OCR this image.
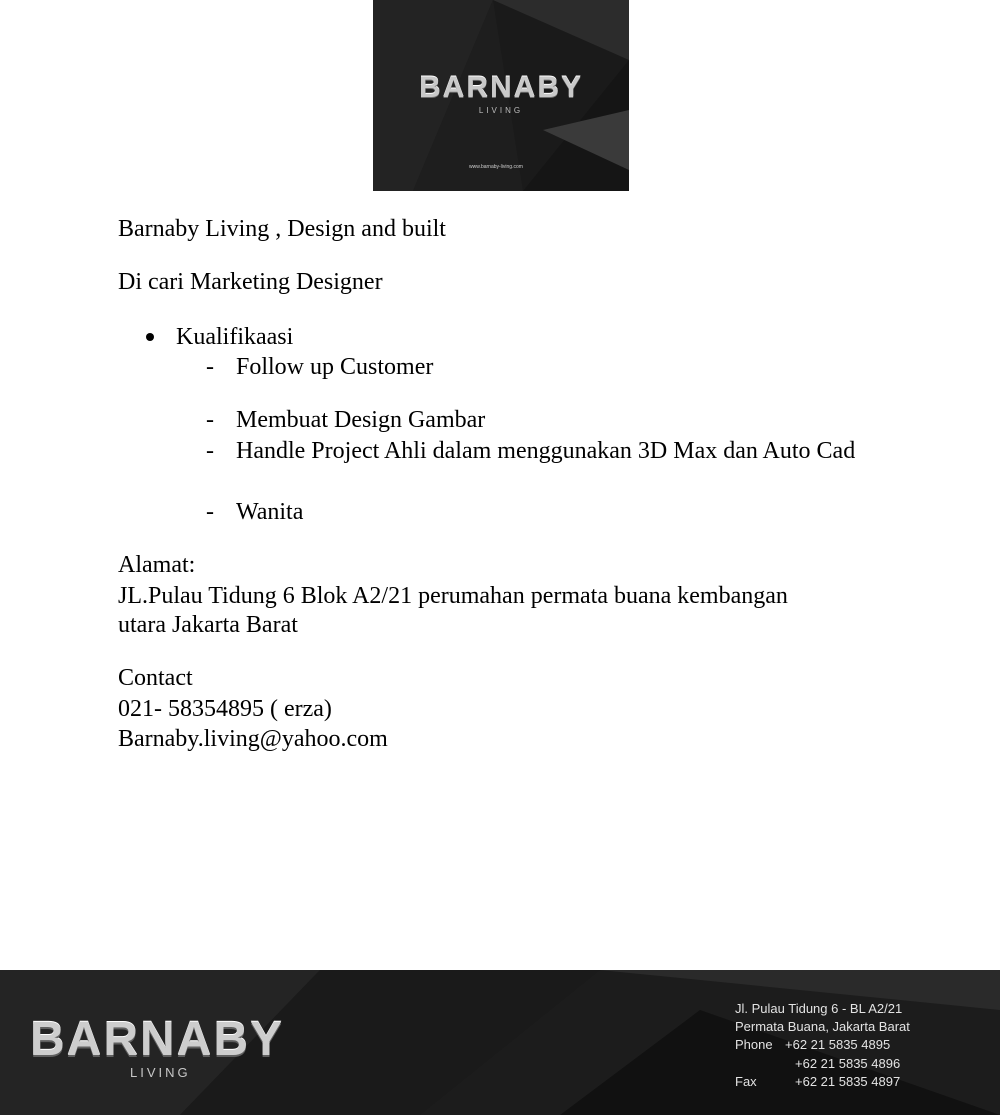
BARNABY
LIVING
www.barnaby-living.com
Barnaby Living , Design and built
Di cari Marketing Designer
Kualifikaasi
- Follow up Customer
- Membuat Design Gambar
- Handle Project Ahli dalam menggunakan 3D Max dan Auto Cad
- Wanita
Alamat:
JL.Pulau Tidung 6 Blok A2/21 perumahan permata buana kembangan
utara Jakarta Barat
Contact
021- 58354895 ( erza)
Barnaby.living@yahoo.com
BARNABY
LIVING
Jl. Pulau Tidung 6 - BL A2/21
Permata Buana, Jakarta Barat
Phone +62 21 5835 4895
+62 21 5835 4896
Fax	+62 21 5835 4897
